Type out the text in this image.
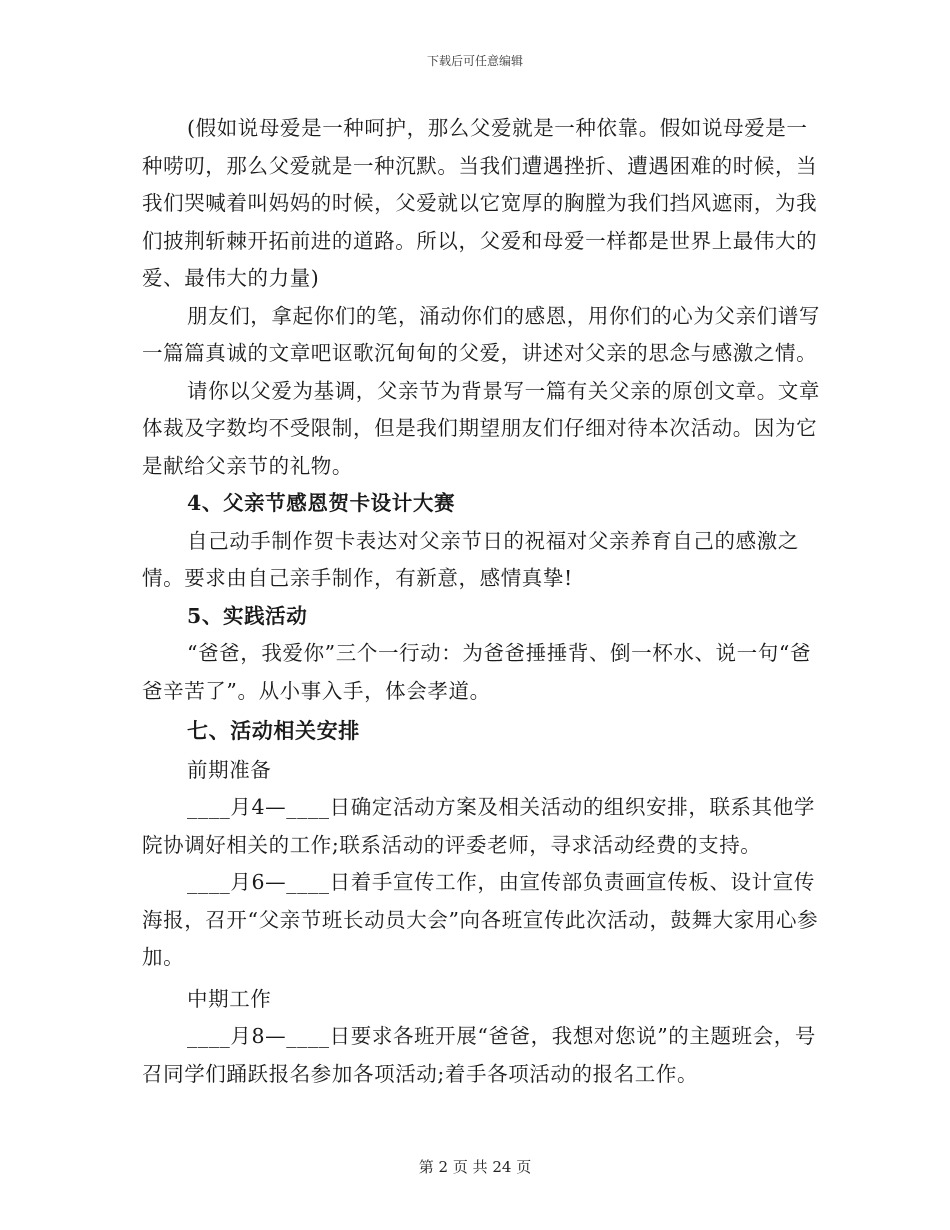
下载后可任意编辑

(假如说母爱是一种呵护，那么父爱就是一种依靠。假如说母爱是一种唠叨，那么父爱就是一种沉默。当我们遭遇挫折、遭遇困难的时候，当我们哭喊着叫妈妈的时候，父爱就以它宽厚的胸膛为我们挡风遮雨，为我们披荆斩棘开拓前进的道路。所以，父爱和母爱一样都是世界上最伟大的爱、最伟大的力量)

朋友们，拿起你们的笔，涌动你们的感恩，用你们的心为父亲们谱写一篇篇真诚的文章吧讴歌沉甸甸的父爱，讲述对父亲的思念与感激之情。

请你以父爱为基调，父亲节为背景写一篇有关父亲的原创文章。文章体裁及字数均不受限制，但是我们期望朋友们仔细对待本次活动。因为它是献给父亲节的礼物。

4、父亲节感恩贺卡设计大赛

自己动手制作贺卡表达对父亲节日的祝福对父亲养育自己的感激之情。要求由自己亲手制作，有新意，感情真挚!

5、实践活动

“爸爸，我爱你”三个一行动：为爸爸捶捶背、倒一杯水、说一句“爸爸辛苦了”。从小事入手，体会孝道。

七、活动相关安排

前期准备

____月4—____日确定活动方案及相关活动的组织安排，联系其他学院协调好相关的工作;联系活动的评委老师，寻求活动经费的支持。

____月6—____日着手宣传工作，由宣传部负责画宣传板、设计宣传海报，召开“父亲节班长动员大会”向各班宣传此次活动，鼓舞大家用心参加。

中期工作

____月8—____日要求各班开展“爸爸，我想对您说”的主题班会，号召同学们踊跃报名参加各项活动;着手各项活动的报名工作。

第 2 页 共 24 页
